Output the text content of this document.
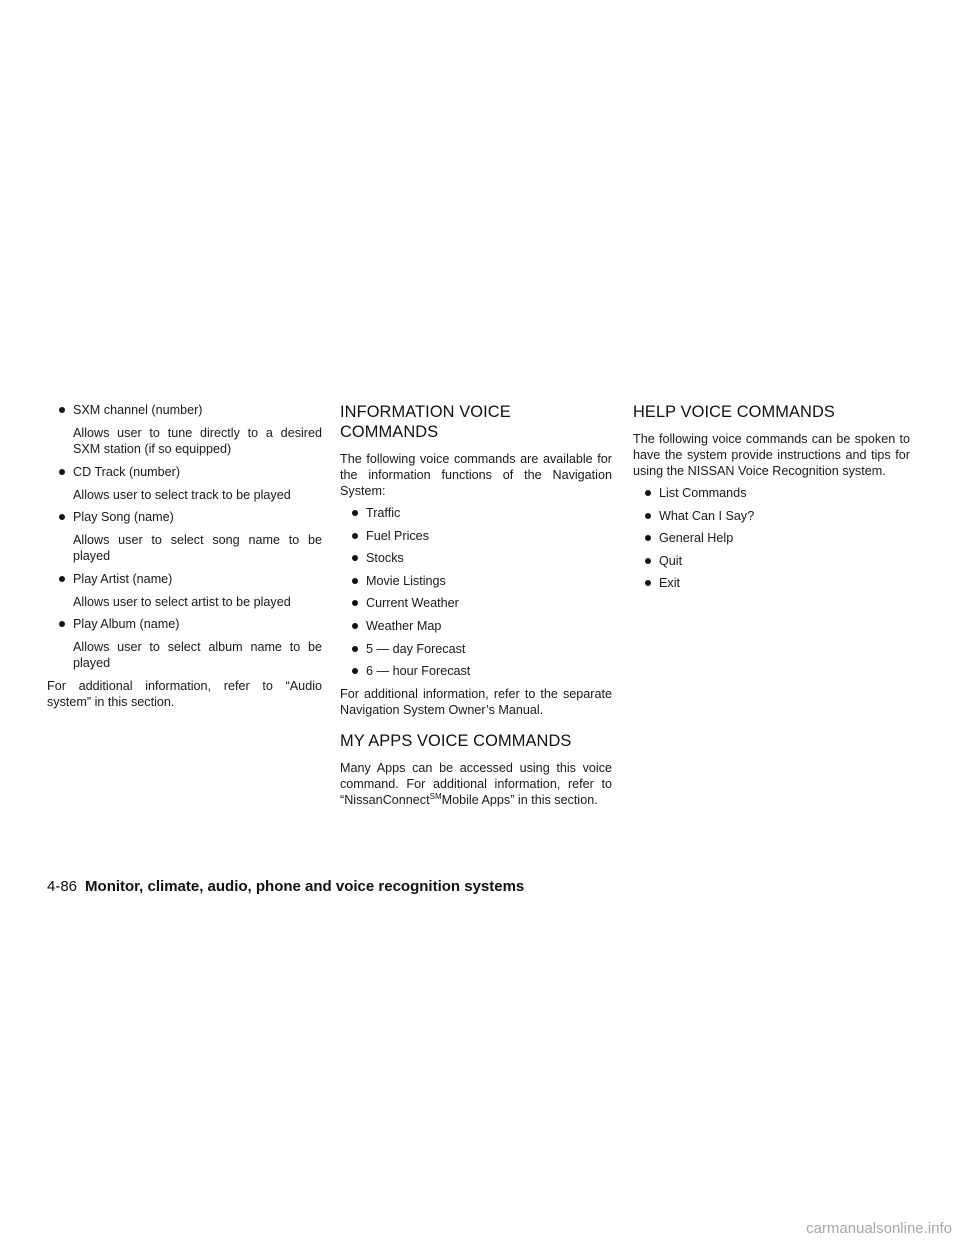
SXM channel (number)
Allows user to tune directly to a desired SXM station (if so equipped)
CD Track (number)
Allows user to select track to be played
Play Song (name)
Allows user to select song name to be played
Play Artist (name)
Allows user to select artist to be played
Play Album (name)
Allows user to select album name to be played

For additional information, refer to “Audio system” in this section.

INFORMATION VOICE COMMANDS

The following voice commands are available for the information functions of the Navigation System:

Traffic
Fuel Prices
Stocks
Movie Listings
Current Weather
Weather Map
5 — day Forecast
6 — hour Forecast

For additional information, refer to the separate Navigation System Owner’s Manual.

MY APPS VOICE COMMANDS

Many Apps can be accessed using this voice command. For additional information, refer to “NissanConnect℠Mobile Apps” in this section.

HELP VOICE COMMANDS

The following voice commands can be spoken to have the system provide instructions and tips for using the NISSAN Voice Recognition system.

List Commands
What Can I Say?
General Help
Quit
Exit
4-86 Monitor, climate, audio, phone and voice recognition systems
carmanualsonline.info
